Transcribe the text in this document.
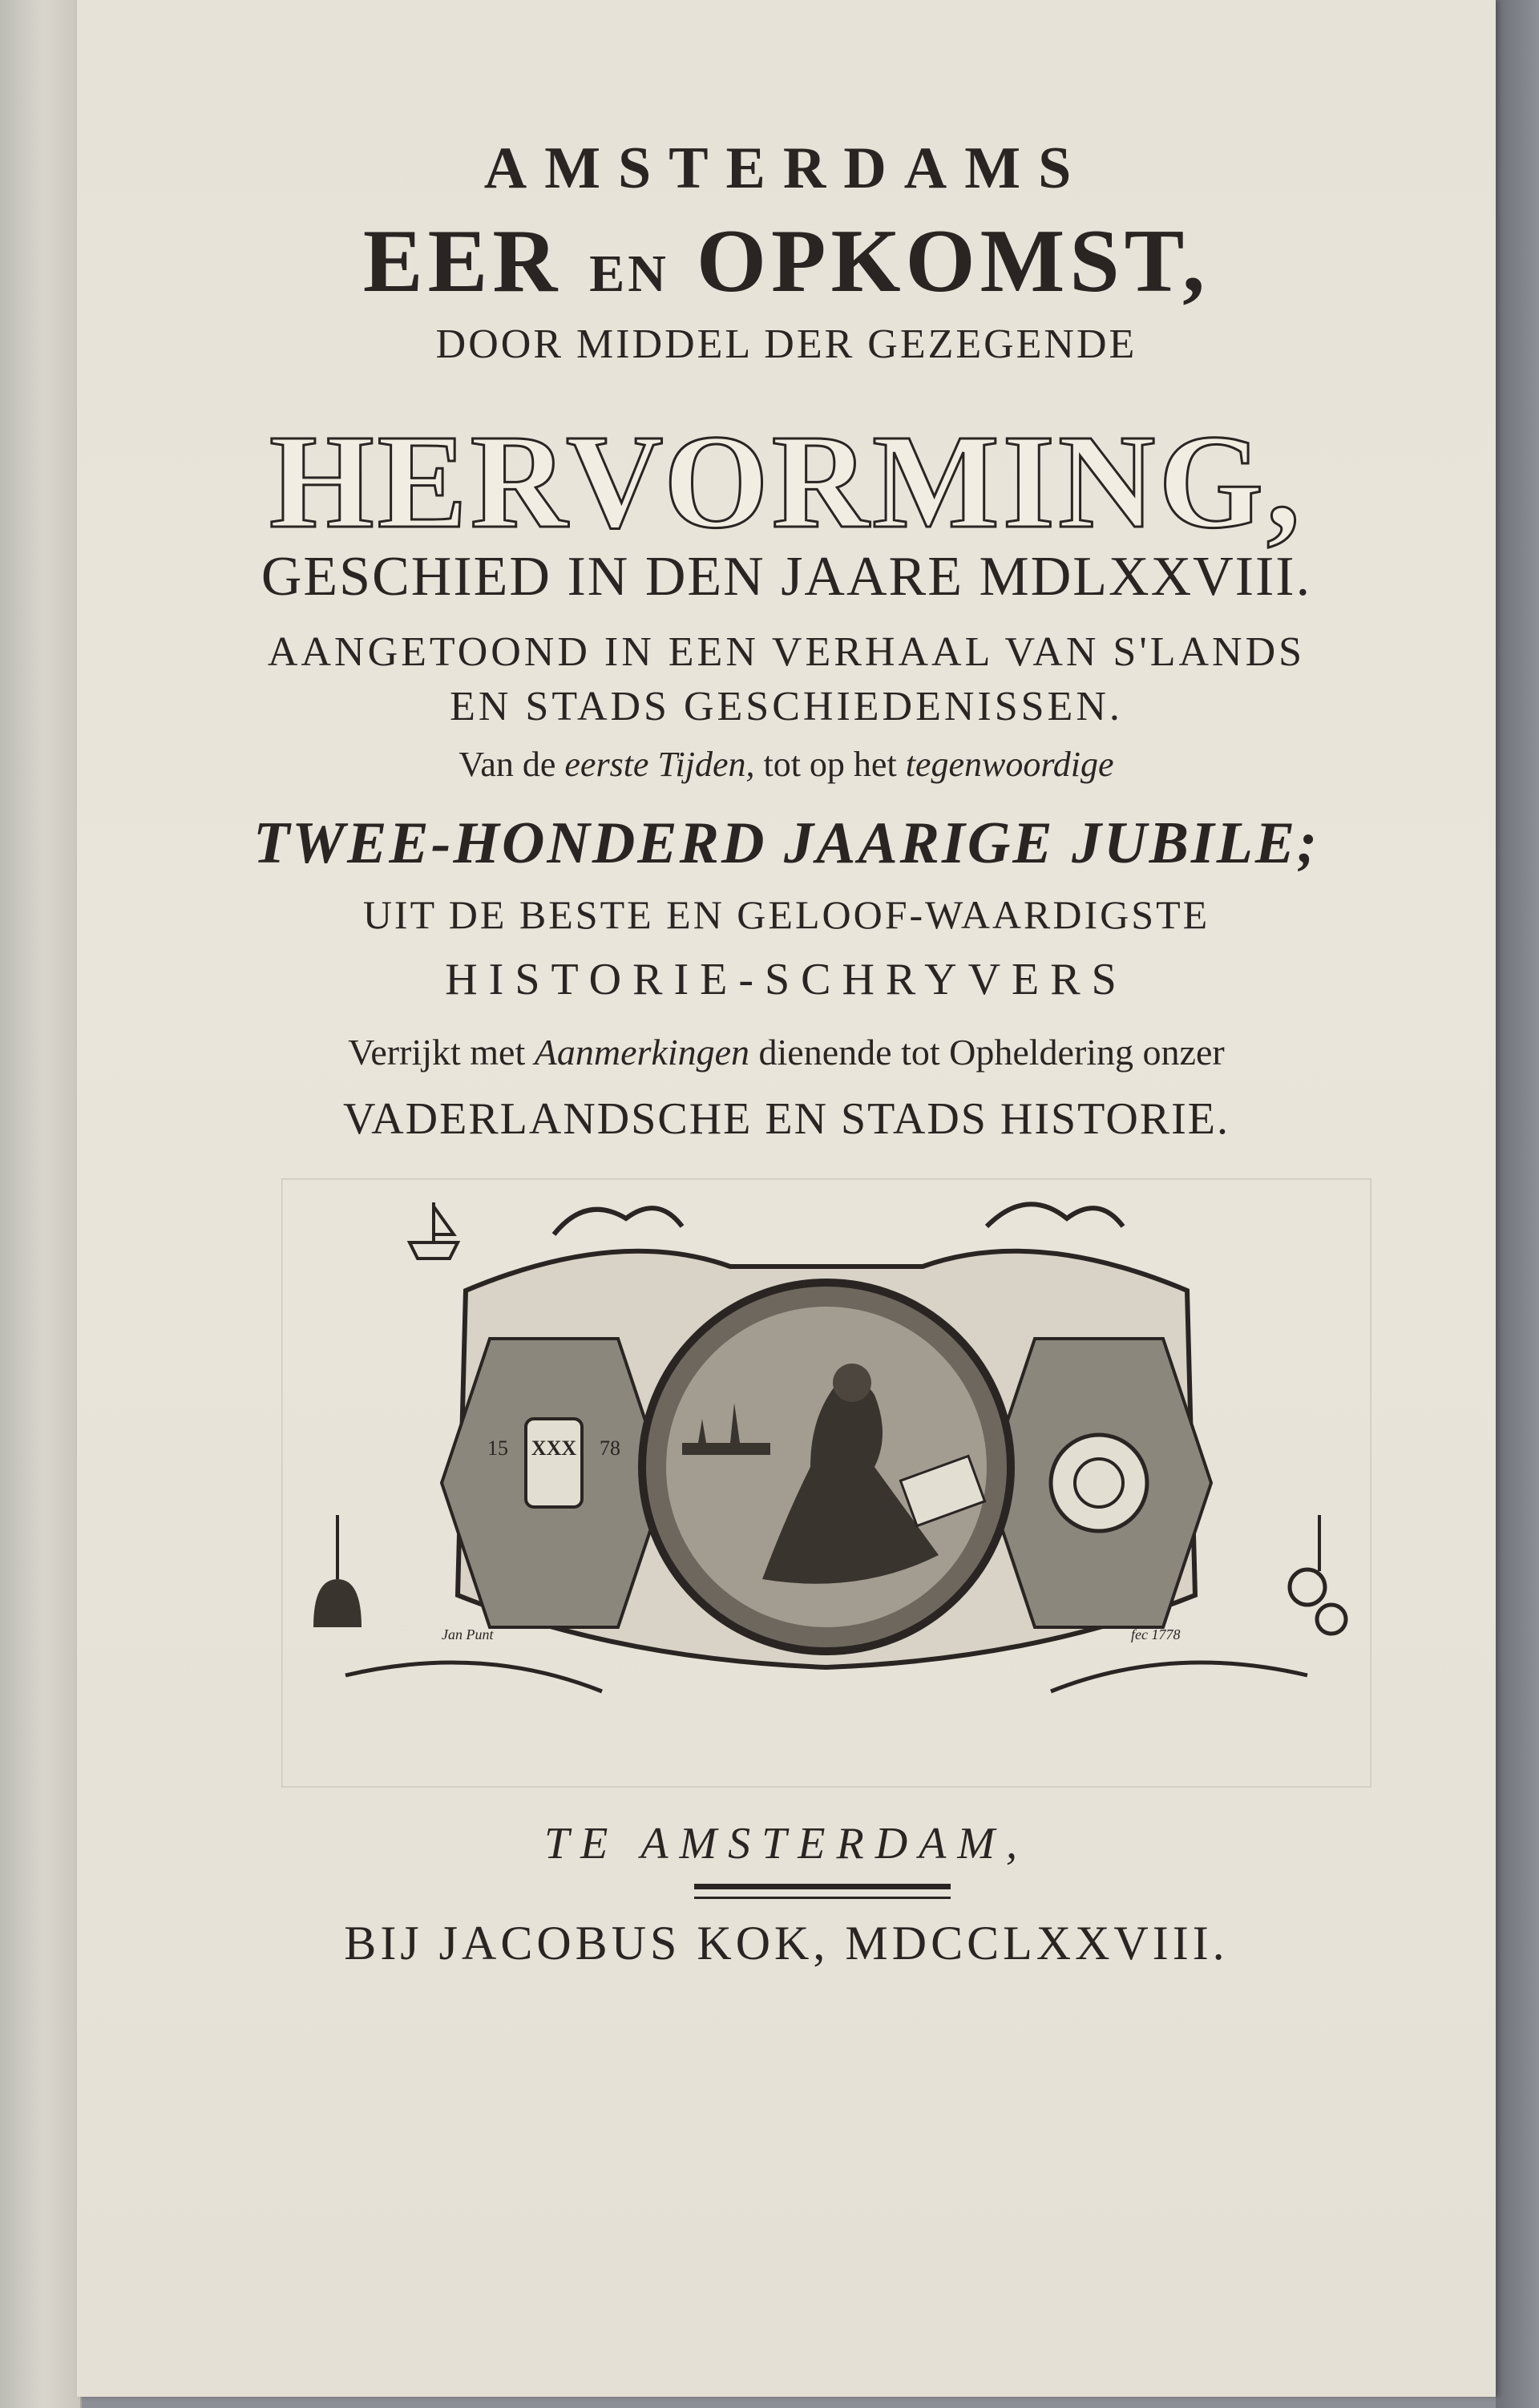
AMSTERDAMS
EER EN OPKOMST,
DOOR MIDDEL DER GEZEGENDE
HERVORMING,
GESCHIED IN DEN JAARE MDLXXVIII.
AANGETOOND IN EEN VERHAAL VAN S'LANDS
EN STADS GESCHIEDENISSEN.
Van de eerste Tijden, tot op het tegenwoordige
TWEE-HONDERD JAARIGE JUBILE;
UIT DE BESTE EN GELOOF-WAARDIGSTE
HISTORIE-SCHRYVERS
Verrijkt met Aanmerkingen dienende tot Opheldering onzer
VADERLANDSCHE EN STADS HISTORIE.
XXX
15	78
Jan Punt	fec 1778
TE AMSTERDAM,
BIJ JACOBUS KOK, MDCCLXXVIII.
